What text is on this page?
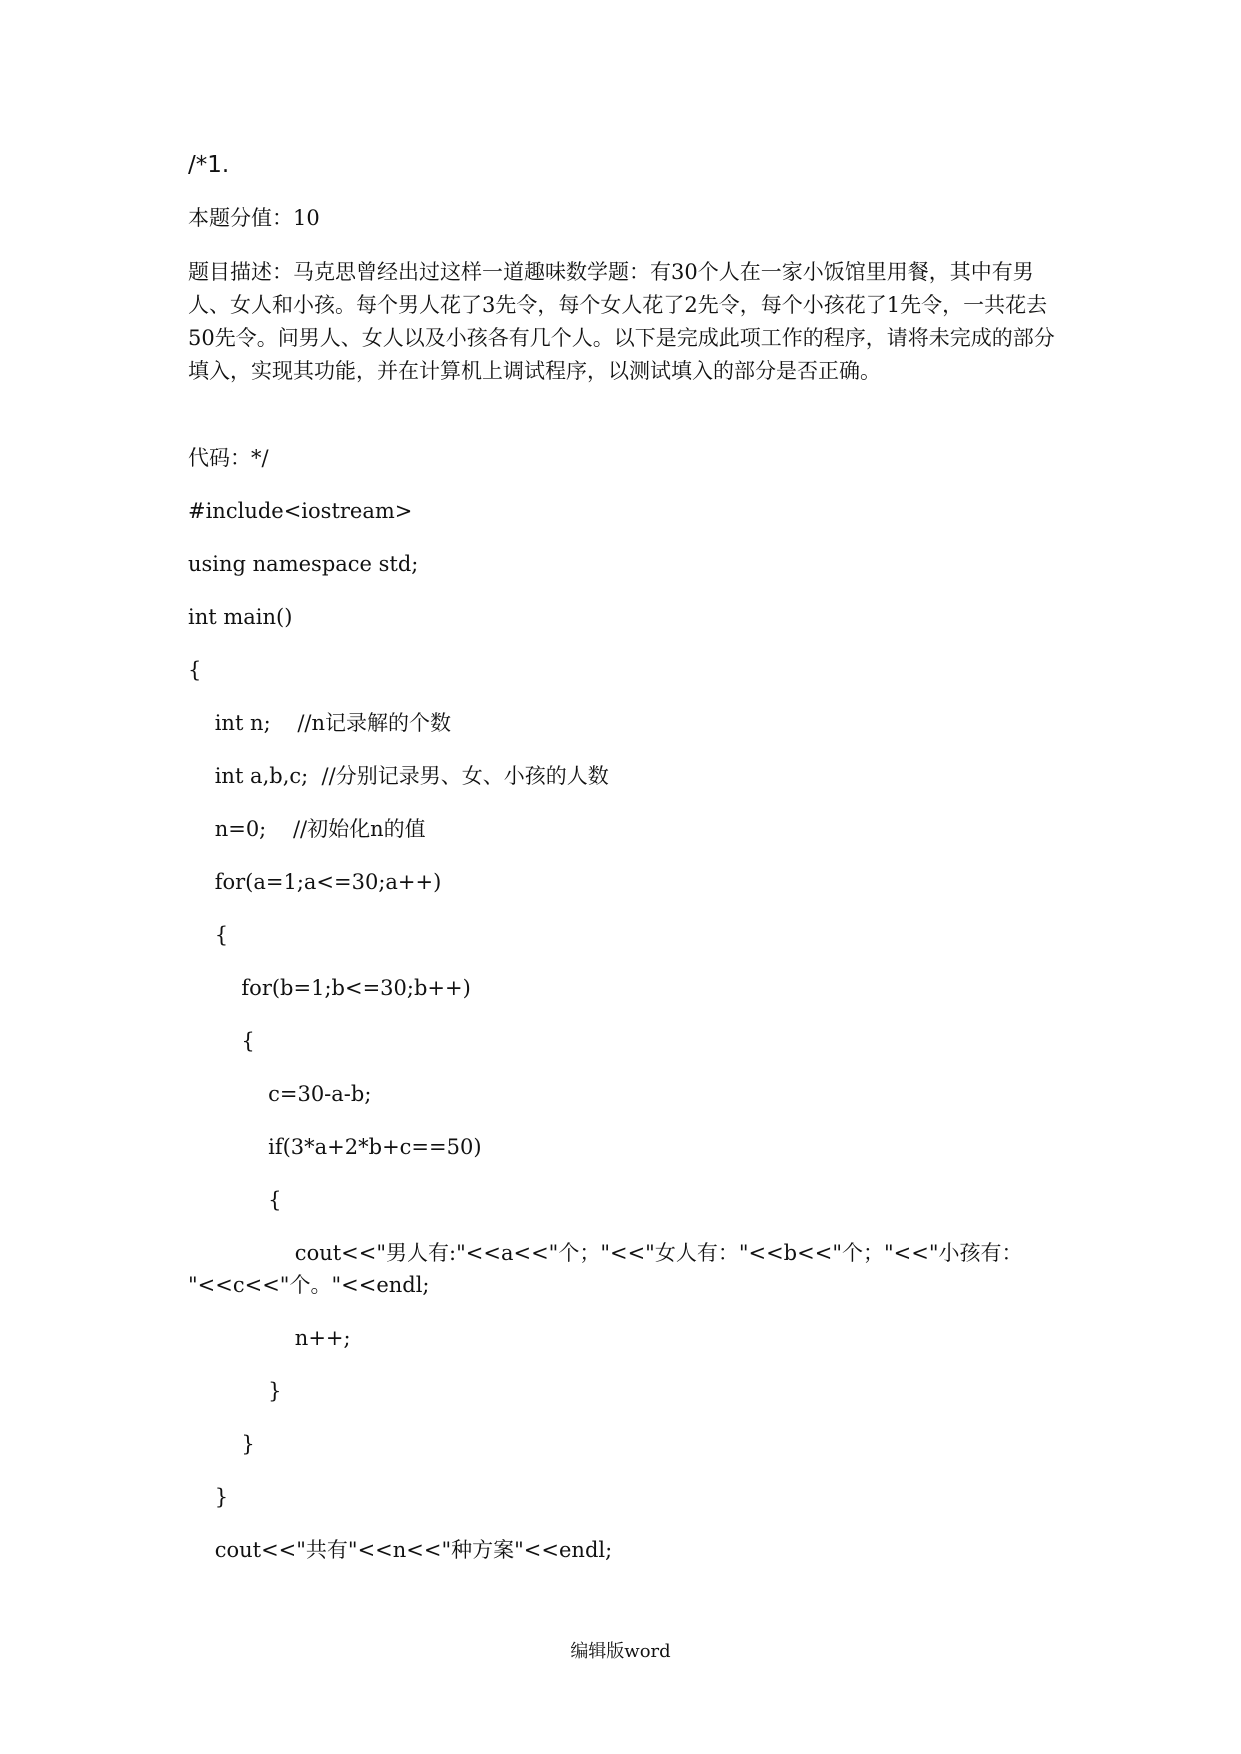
/*1.
本题分值：10
题目描述：马克思曾经出过这样一道趣味数学题：有30个人在一家小饭馆里用餐，其中有男人、女人和小孩。每个男人花了3先令，每个女人花了2先令，每个小孩花了1先令，一共花去50先令。问男人、女人以及小孩各有几个人。以下是完成此项工作的程序，请将未完成的部分填入，实现其功能，并在计算机上调试程序，以测试填入的部分是否正确。
代码：*/
#include<iostream>
using namespace std;
int main()
{
int n;    //n记录解的个数
int a,b,c;  //分别记录男、女、小孩的人数
n=0;    //初始化n的值
for(a=1;a<=30;a++)
{
for(b=1;b<=30;b++)
{
c=30-a-b;
if(3*a+2*b+c==50)
{
cout<<"男人有:"<<a<<"个；"<<"女人有："<<b<<"个；"<<"小孩有：
"<<c<<"个。"<<endl;
n++;
}
}
}
cout<<"共有"<<n<<"种方案"<<endl;
编辑版word
